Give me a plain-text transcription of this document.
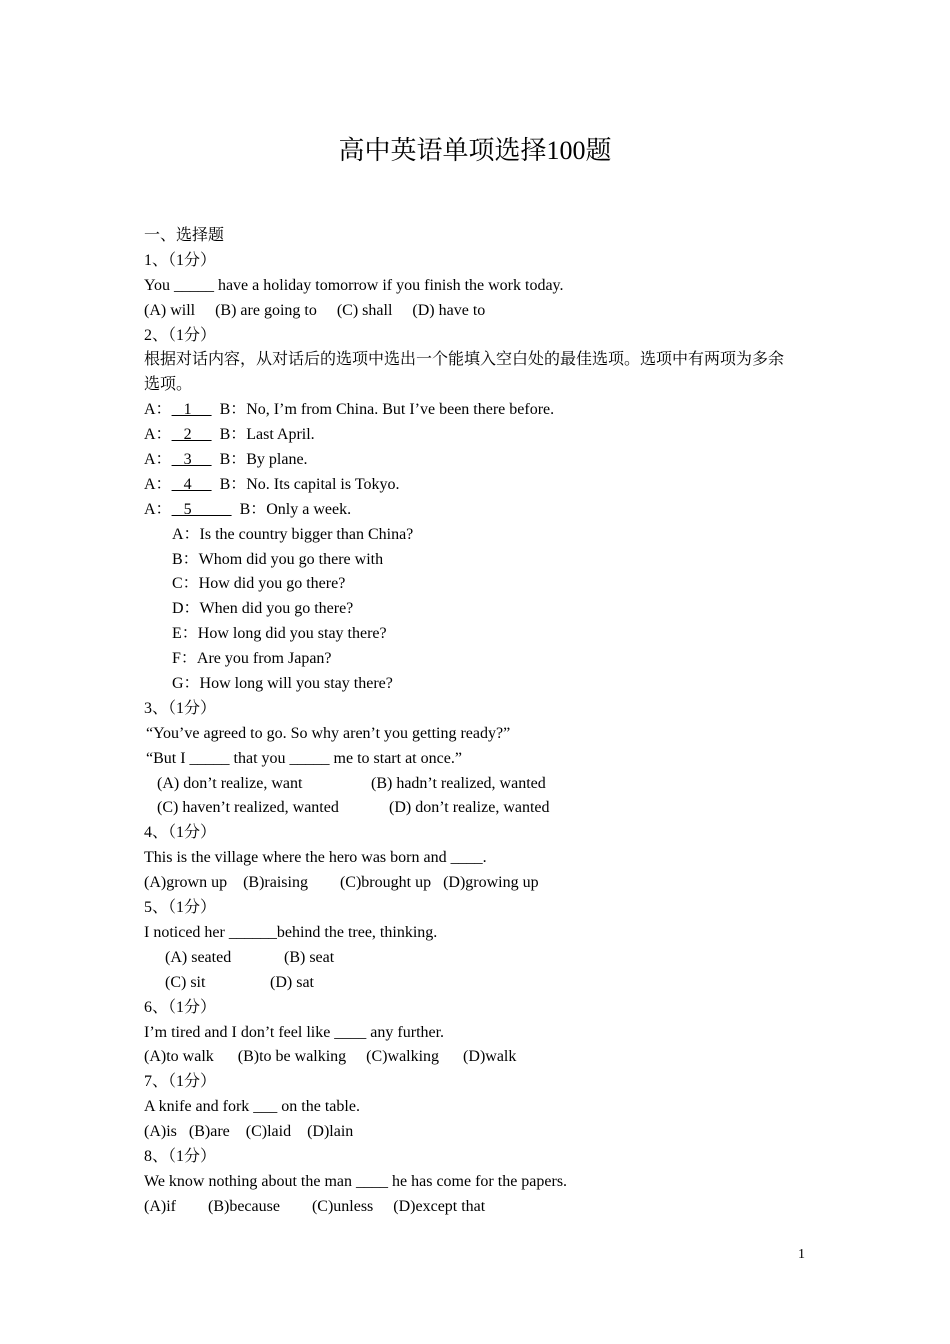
高中英语单项选择100题
一、选择题
1、（1分）
You _____ have a holiday tomorrow if you finish the work today.
(A) will     (B) are going to     (C) shall     (D) have to
2、（1分）
根据对话内容，从对话后的选项中选出一个能填入空白处的最佳选项。选项中有两项为多余
选项。
A：   1       B：No, I’m from China. But I’ve been there before.
A：   2       B：Last April.
A：   3       B：By plane.
A：   4       B：No. Its capital is Tokyo.
A：   5            B：Only a week.
A：Is the country bigger than China?
B：Whom did you go there with
C：How did you go there?
D：When did you go there?
E：How long did you stay there?
F：Are you from Japan?
G：How long will you stay there?
3、（1分）
“You’ve agreed to go. So why aren’t you getting ready?”
“But I _____ that you _____ me to start at once.”
(A) don’t realize, want	(B) hadn’t realized, wanted
(C) haven’t realized, wanted	(D) don’t realize, wanted
4、（1分）
This is the village where the hero was born and ____.
(A)grown up    (B)raising        (C)brought up   (D)growing up
5、（1分）
I noticed her ______behind the tree, thinking.
(A) seated	(B) seat
(C) sit	(D) sat
6、（1分）
I’m tired and I don’t feel like ____ any further.
(A)to walk      (B)to be walking     (C)walking      (D)walk
7、（1分）
A knife and fork ___ on the table.
(A)is   (B)are    (C)laid    (D)lain
8、（1分）
We know nothing about the man ____ he has come for the papers.
(A)if        (B)because        (C)unless     (D)except that
1
